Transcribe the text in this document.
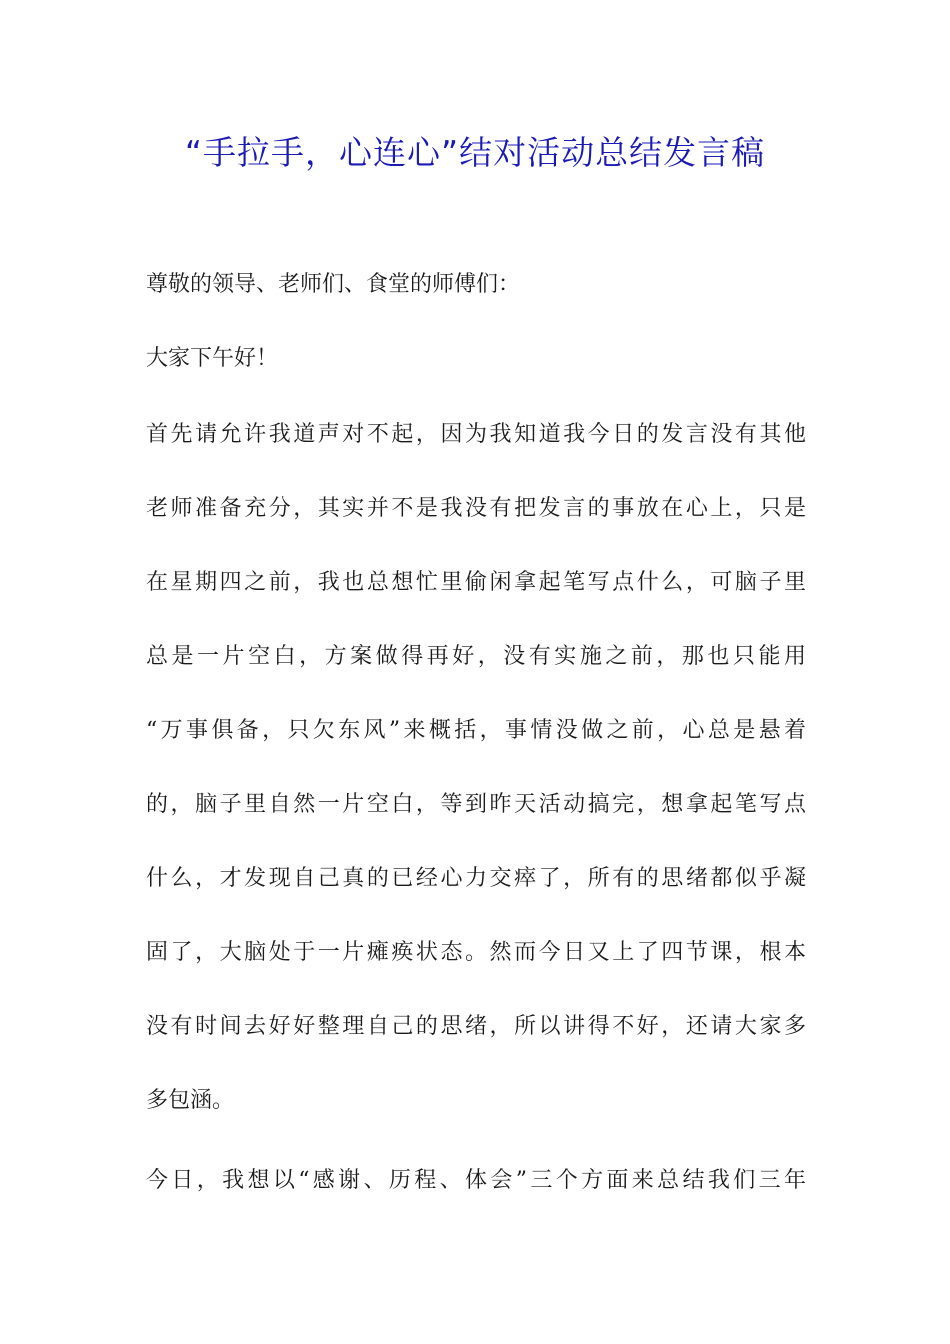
“手拉手，心连心”结对活动总结发言稿
尊敬的领导、老师们、食堂的师傅们：
大家下午好！
首先请允许我道声对不起，因为我知道我今日的发言没有其他
老师准备充分，其实并不是我没有把发言的事放在心上，只是
在星期四之前，我也总想忙里偷闲拿起笔写点什么，可脑子里
总是一片空白，方案做得再好，没有实施之前，那也只能用
“万事俱备，只欠东风”来概括，事情没做之前，心总是悬着
的，脑子里自然一片空白，等到昨天活动搞完，想拿起笔写点
什么，才发现自己真的已经心力交瘁了，所有的思绪都似乎凝
固了，大脑处于一片瘫痪状态。然而今日又上了四节课，根本
没有时间去好好整理自己的思绪，所以讲得不好，还请大家多
多包涵。
今日，我想以“感谢、历程、体会”三个方面来总结我们三年
